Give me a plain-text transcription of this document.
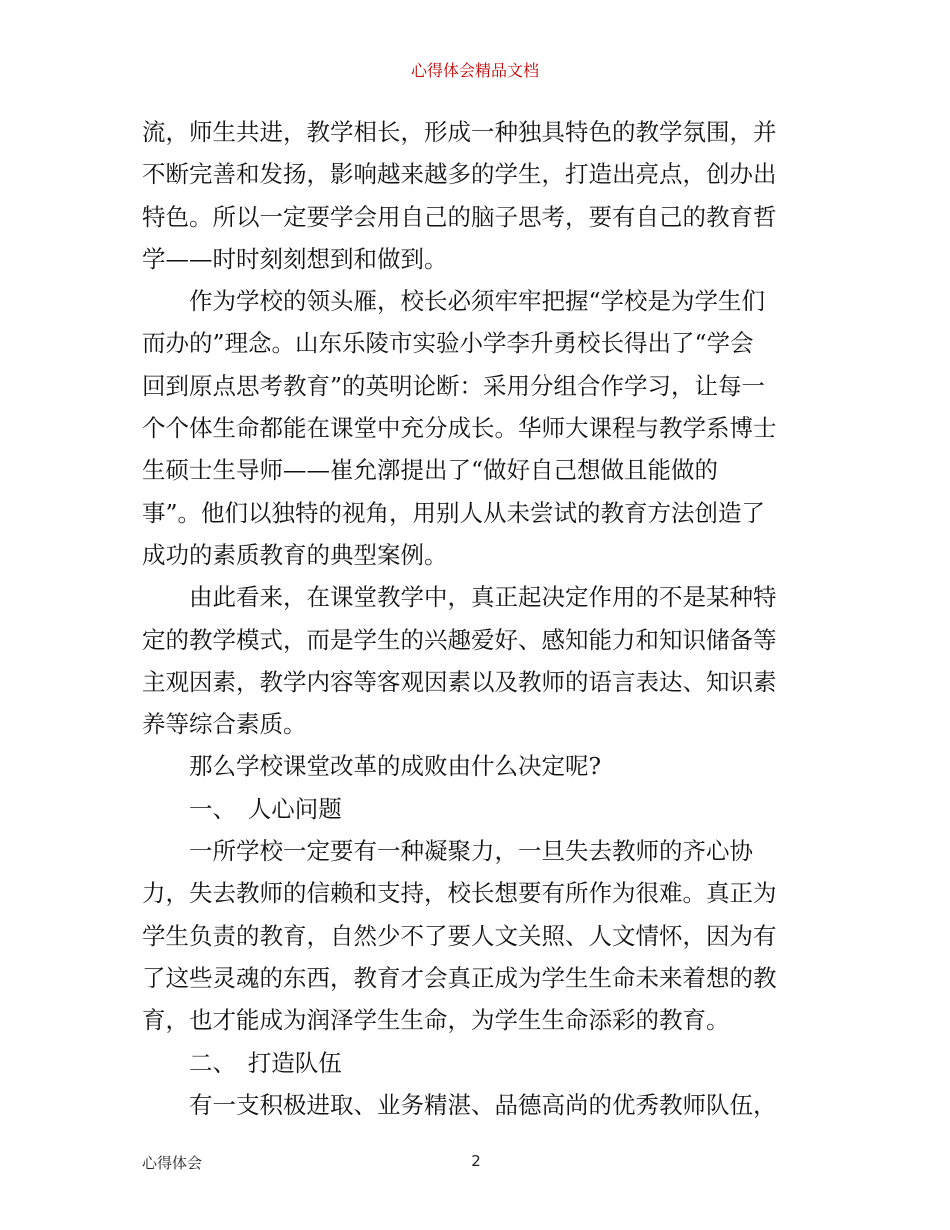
心得体会精品文档
流，师生共进，教学相长，形成一种独具特色的教学氛围，并
不断完善和发扬，影响越来越多的学生，打造出亮点，创办出
特色。所以一定要学会用自己的脑子思考，要有自己的教育哲
学——时时刻刻想到和做到。
作为学校的领头雁，校长必须牢牢把握“学校是为学生们
而办的”理念。山东乐陵市实验小学李升勇校长得出了“学会
回到原点思考教育”的英明论断：采用分组合作学习，让每一
个个体生命都能在课堂中充分成长。华师大课程与教学系博士
生硕士生导师——崔允漷提出了“做好自己想做且能做的
事”。他们以独特的视角，用别人从未尝试的教育方法创造了
成功的素质教育的典型案例。
由此看来，在课堂教学中，真正起决定作用的不是某种特
定的教学模式，而是学生的兴趣爱好、感知能力和知识储备等
主观因素，教学内容等客观因素以及教师的语言表达、知识素
养等综合素质。
那么学校课堂改革的成败由什么决定呢?
一、　人心问题
一所学校一定要有一种凝聚力，一旦失去教师的齐心协
力，失去教师的信赖和支持，校长想要有所作为很难。真正为
学生负责的教育，自然少不了要人文关照、人文情怀，因为有
了这些灵魂的东西，教育才会真正成为学生生命未来着想的教
育，也才能成为润泽学生生命，为学生生命添彩的教育。
二、　打造队伍
有一支积极进取、业务精湛、品德高尚的优秀教师队伍，
心得体会	2
